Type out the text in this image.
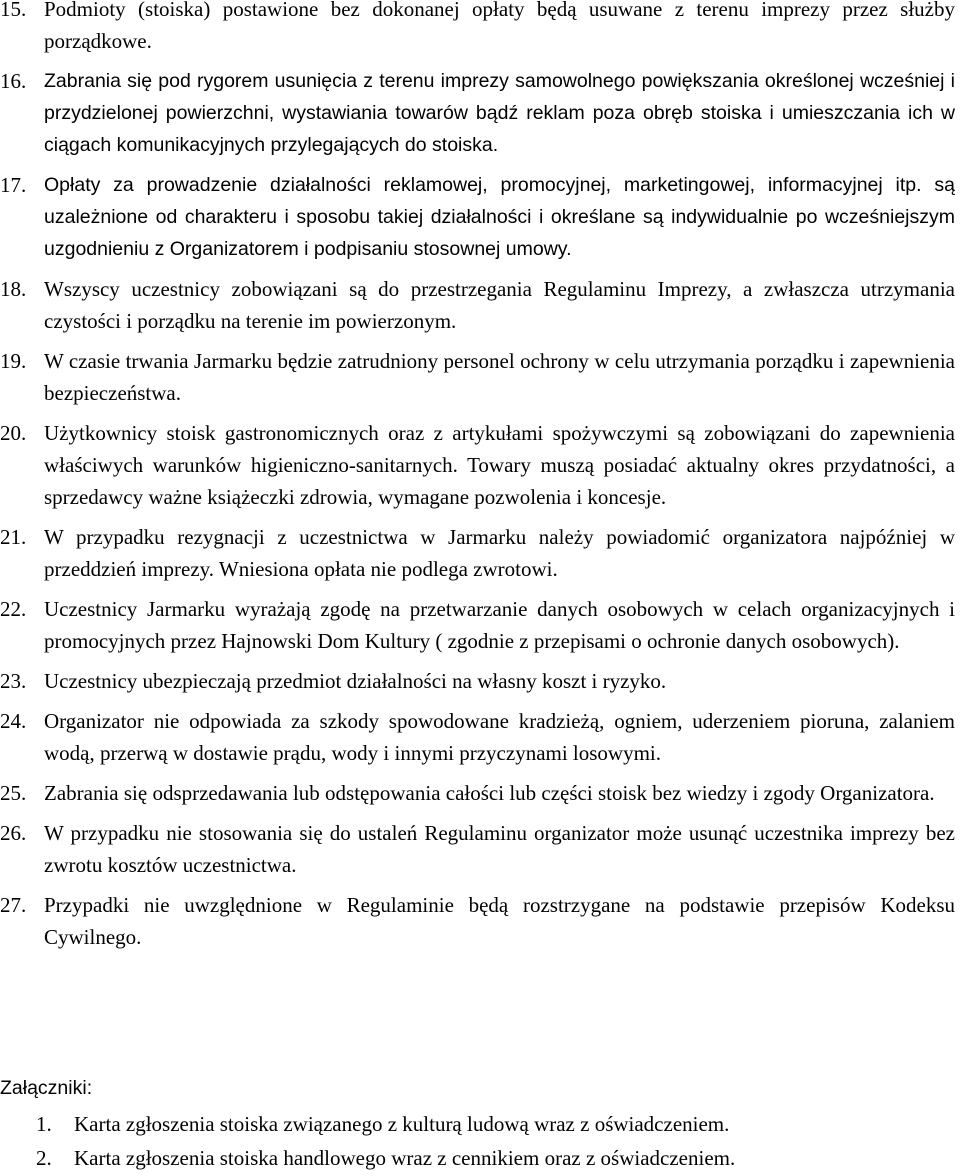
15. Podmioty (stoiska) postawione bez dokonanej opłaty będą usuwane z terenu imprezy przez służby porządkowe.

16. Zabrania się pod rygorem usunięcia z terenu imprezy samowolnego powiększania określonej wcześniej i przydzielonej powierzchni, wystawiania towarów bądź reklam poza obręb stoiska i umieszczania ich w ciągach komunikacyjnych przylegających do stoiska.

17. Opłaty za prowadzenie działalności reklamowej, promocyjnej, marketingowej, informacyjnej itp. są uzależnione od charakteru i sposobu takiej działalności i określane są indywidualnie po wcześniejszym uzgodnieniu z Organizatorem i podpisaniu stosownej umowy.

18. Wszyscy uczestnicy zobowiązani są do przestrzegania Regulaminu Imprezy, a zwłaszcza utrzymania czystości i porządku na terenie im powierzonym.

19. W czasie trwania Jarmarku będzie zatrudniony personel ochrony w celu utrzymania porządku i zapewnienia bezpieczeństwa.

20. Użytkownicy stoisk gastronomicznych oraz z artykułami spożywczymi są zobowiązani do zapewnienia właściwych warunków higieniczno-sanitarnych. Towary muszą posiadać aktualny okres przydatności, a sprzedawcy ważne książeczki zdrowia, wymagane pozwolenia i koncesje.

21. W przypadku rezygnacji z uczestnictwa w Jarmarku należy powiadomić organizatora najpóźniej w przeddzień imprezy. Wniesiona opłata nie podlega zwrotowi.

22. Uczestnicy Jarmarku wyrażają zgodę na przetwarzanie danych osobowych w celach organizacyjnych i promocyjnych przez Hajnowski Dom Kultury ( zgodnie z przepisami o ochronie danych osobowych).

23. Uczestnicy ubezpieczają przedmiot działalności na własny koszt i ryzyko.

24. Organizator nie odpowiada za szkody spowodowane kradzieżą, ogniem, uderzeniem pioruna, zalaniem wodą, przerwą w dostawie prądu, wody i innymi przyczynami losowymi.

25. Zabrania się odsprzedawania lub odstępowania całości lub części stoisk bez wiedzy i zgody Organizatora.

26. W przypadku nie stosowania się do ustaleń Regulaminu organizator może usunąć uczestnika imprezy bez zwrotu kosztów uczestnictwa.

27. Przypadki nie uwzględnione w Regulaminie będą rozstrzygane na podstawie przepisów Kodeksu Cywilnego.

Załączniki:
1.	Karta zgłoszenia stoiska związanego z kulturą ludową wraz z oświadczeniem.
2.	Karta zgłoszenia stoiska handlowego wraz z cennikiem oraz z oświadczeniem.
